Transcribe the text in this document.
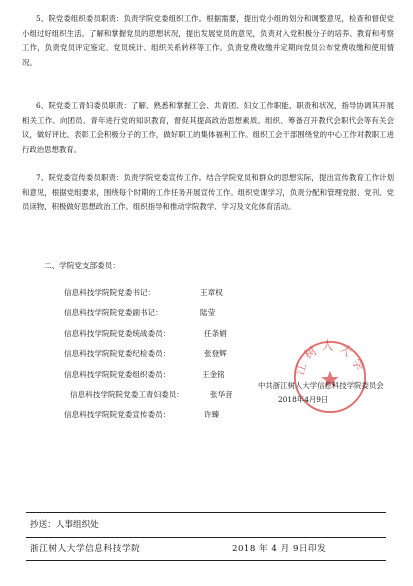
5、院党委组织委员职责：负责学院党委组织工作。根据需要，提出党小组的划分和调整意见，检查和督促党小组过好组织生活。了解和掌握党员的思想状况，提出发展党员的意见，负责对入党积极分子的培养、教育和考察工作，负责党员评定鉴定、党员统计、组织关系转移等工作。负责党费收缴并定期向党员公布党费收缴和使用情况。

6、院党委工青妇委员职责：了解、熟悉和掌握工会、共青团、妇女工作职能、职责和状况，指导协调其开展相关工作。向团员、青年进行党的知识教育，督促其提高政治思想素质。组织、筹备召开教代会职代会等有关会议，做好评比、表彰工会积极分子的工作，做好职工的集体福利工作。组织工会干部围绕党的中心工作对教职工进行政治思想教育。

7、院党委宣传委员职责：负责学院党委宣传工作。结合学院党员和群众的思想实际，提出宣传教育工作计划和意见，根据党组要求，围绕每个时期的工作任务开展宣传工作。组织党课学习，负责分配和管理党报、党刊、党员读物，积极做好思想政治工作。组织指导和推动学院教学、学习及文化体育活动。

二、学院党支部委员：
信息科技学院院党委书记：	王章权
信息科技学院院党委副书记：	陆莹
信息科技学院院党委统战委员：	任条娟
信息科技学院院党委纪检委员：	张登辉
信息科技学院院党委组织委员：	王金铭
信息科技学院院党委工青妇委员：	张华音
信息科技学院院党委宣传委员：	许臻
江树人大学
中共浙江树人大学信息科技学院委员会
2018年4月9日
抄送：人事组织处
浙江树人大学信息科技学院	2018 年 4 月 9日印发
